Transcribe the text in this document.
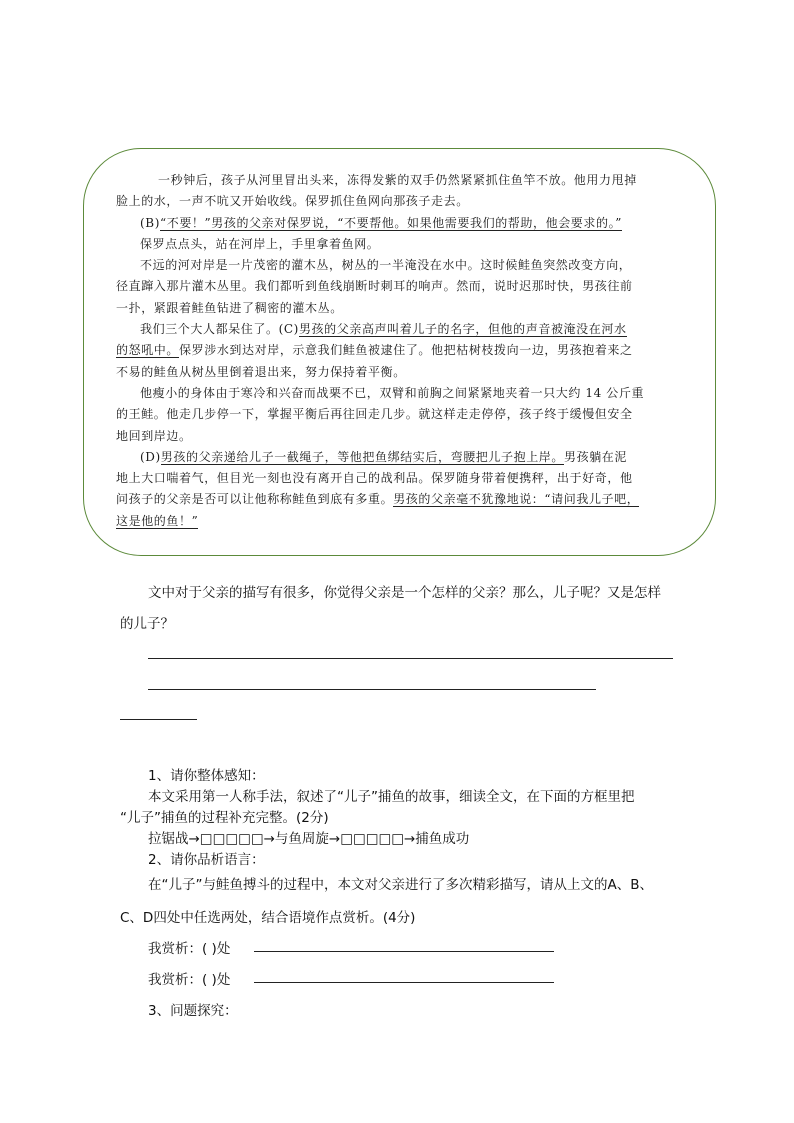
一秒钟后，孩子从河里冒出头来，冻得发紫的双手仍然紧紧抓住鱼竿不放。他用力甩掉
脸上的水，一声不吭又开始收线。保罗抓住鱼网向那孩子走去。

(B)“不要！”男孩的父亲对保罗说，“不要帮他。如果他需要我们的帮助，他会要求的。”

保罗点点头，站在河岸上，手里拿着鱼网。

不远的河对岸是一片茂密的灌木丛，树丛的一半淹没在水中。这时候鲑鱼突然改变方向，
径直蹿入那片灌木丛里。我们都听到鱼线崩断时刺耳的响声。然而，说时迟那时快，男孩往前
一扑，紧跟着鲑鱼钻进了稠密的灌木丛。

我们三个大人都呆住了。(C)男孩的父亲高声叫着儿子的名字，但他的声音被淹没在河水
的怒吼中。保罗涉水到达对岸，示意我们鲑鱼被逮住了。他把枯树枝拨向一边，男孩抱着来之
不易的鲑鱼从树丛里倒着退出来，努力保持着平衡。

他瘦小的身体由于寒冷和兴奋而战栗不已，双臂和前胸之间紧紧地夹着一只大约 14 公斤重
的王鲑。他走几步停一下，掌握平衡后再往回走几步。就这样走走停停，孩子终于缓慢但安全
地回到岸边。

(D)男孩的父亲递给儿子一截绳子，等他把鱼绑结实后，弯腰把儿子抱上岸。男孩躺在泥
地上大口喘着气，但目光一刻也没有离开自己的战利品。保罗随身带着便携秤，出于好奇，他
问孩子的父亲是否可以让他称称鲑鱼到底有多重。男孩的父亲毫不犹豫地说：“请问我儿子吧，
这是他的鱼！”

文中对于父亲的描写有很多，你觉得父亲是一个怎样的父亲？那么，儿子呢？又是怎样
的儿子？
1、请你整体感知：
本文采用第一人称手法，叙述了“儿子”捕鱼的故事，细读全文，在下面的方框里把
“儿子”捕鱼的过程补充完整。(2分)
拉锯战→□□□□□→与鱼周旋→□□□□□→捕鱼成功
2、请你品析语言：
在“儿子”与鲑鱼搏斗的过程中，本文对父亲进行了多次精彩描写，请从上文的A、B、
C、D四处中任选两处，结合语境作点赏析。(4分)
我赏析：( )处
我赏析：( )处
3、问题探究：
